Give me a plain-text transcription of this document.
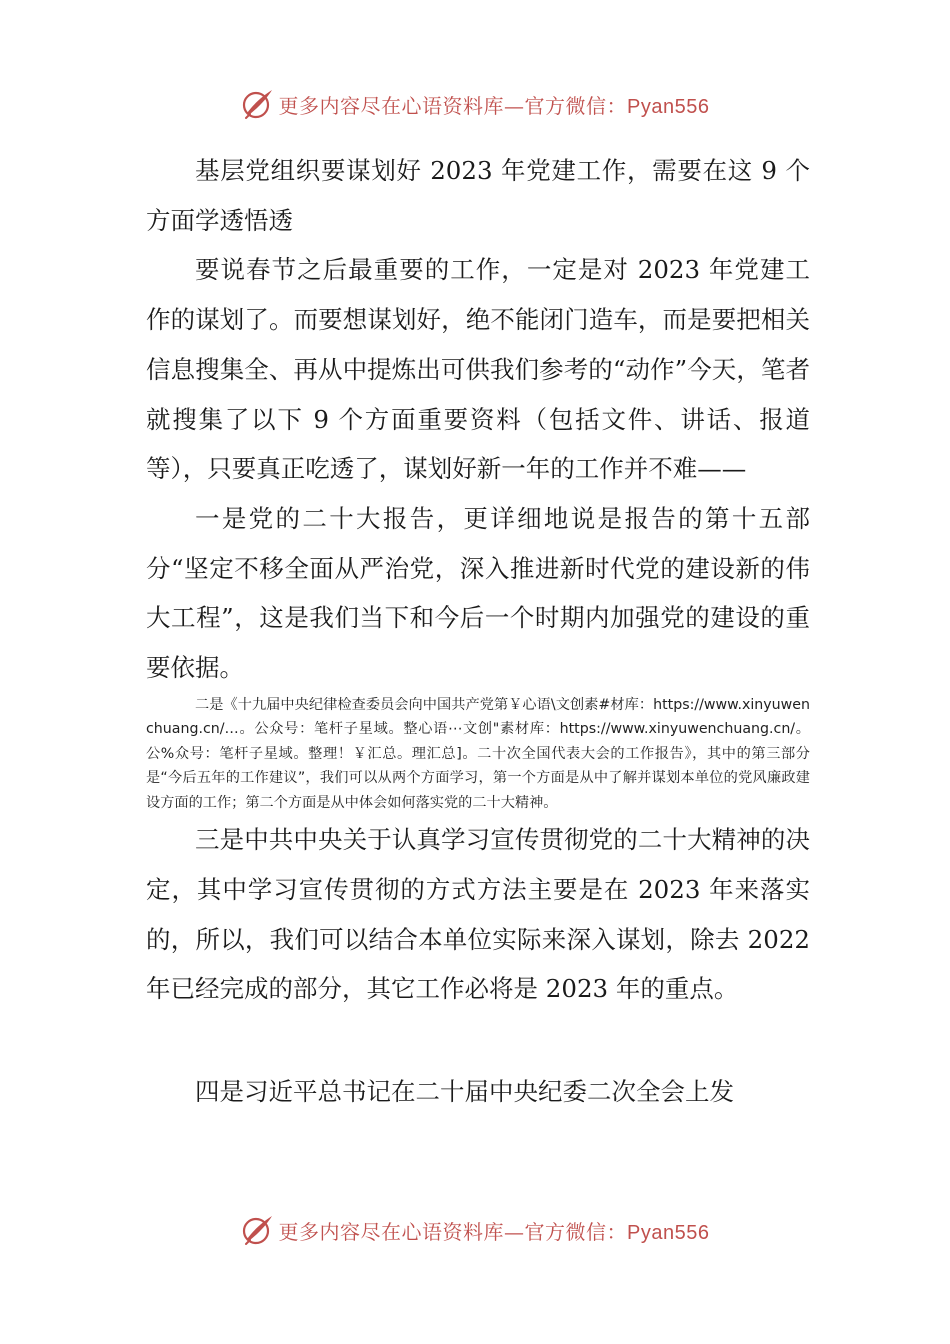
更多内容尽在心语资料库—官方微信：Pyan556

基层党组织要谋划好 2023 年党建工作，需要在这 9 个方面学透悟透

要说春节之后最重要的工作，一定是对 2023 年党建工作的谋划了。而要想谋划好，绝不能闭门造车，而是要把相关信息搜集全、再从中提炼出可供我们参考的“动作”今天，笔者就搜集了以下 9 个方面重要资料（包括文件、讲话、报道等），只要真正吃透了，谋划好新一年的工作并不难——

一是党的二十大报告，更详细地说是报告的第十五部分“坚定不移全面从严治党，深入推进新时代党的建设新的伟大工程”，这是我们当下和今后一个时期内加强党的建设的重要依据。

二是《十九届中央纪律检查委员会向中国共产党第￥心语\文创素#材库：https://www.xinyuwenchuang.cn/…。公众号：笔杆子星域。整心语⋯文创"素材库：https://www.xinyuwenchuang.cn/。公%众号：笔杆子星域。整理！￥汇总。理汇总]。二十次全国代表大会的工作报告》，其中的第三部分是“今后五年的工作建议”，我们可以从两个方面学习，第一个方面是从中了解并谋划本单位的党风廉政建设方面的工作；第二个方面是从中体会如何落实党的二十大精神。

三是中共中央关于认真学习宣传贯彻党的二十大精神的决定，其中学习宣传贯彻的方式方法主要是在 2023 年来落实的，所以，我们可以结合本单位实际来深入谋划，除去 2022 年已经完成的部分，其它工作必将是 2023 年的重点。

四是习近平总书记在二十届中央纪委二次全会上发

更多内容尽在心语资料库—官方微信：Pyan556
